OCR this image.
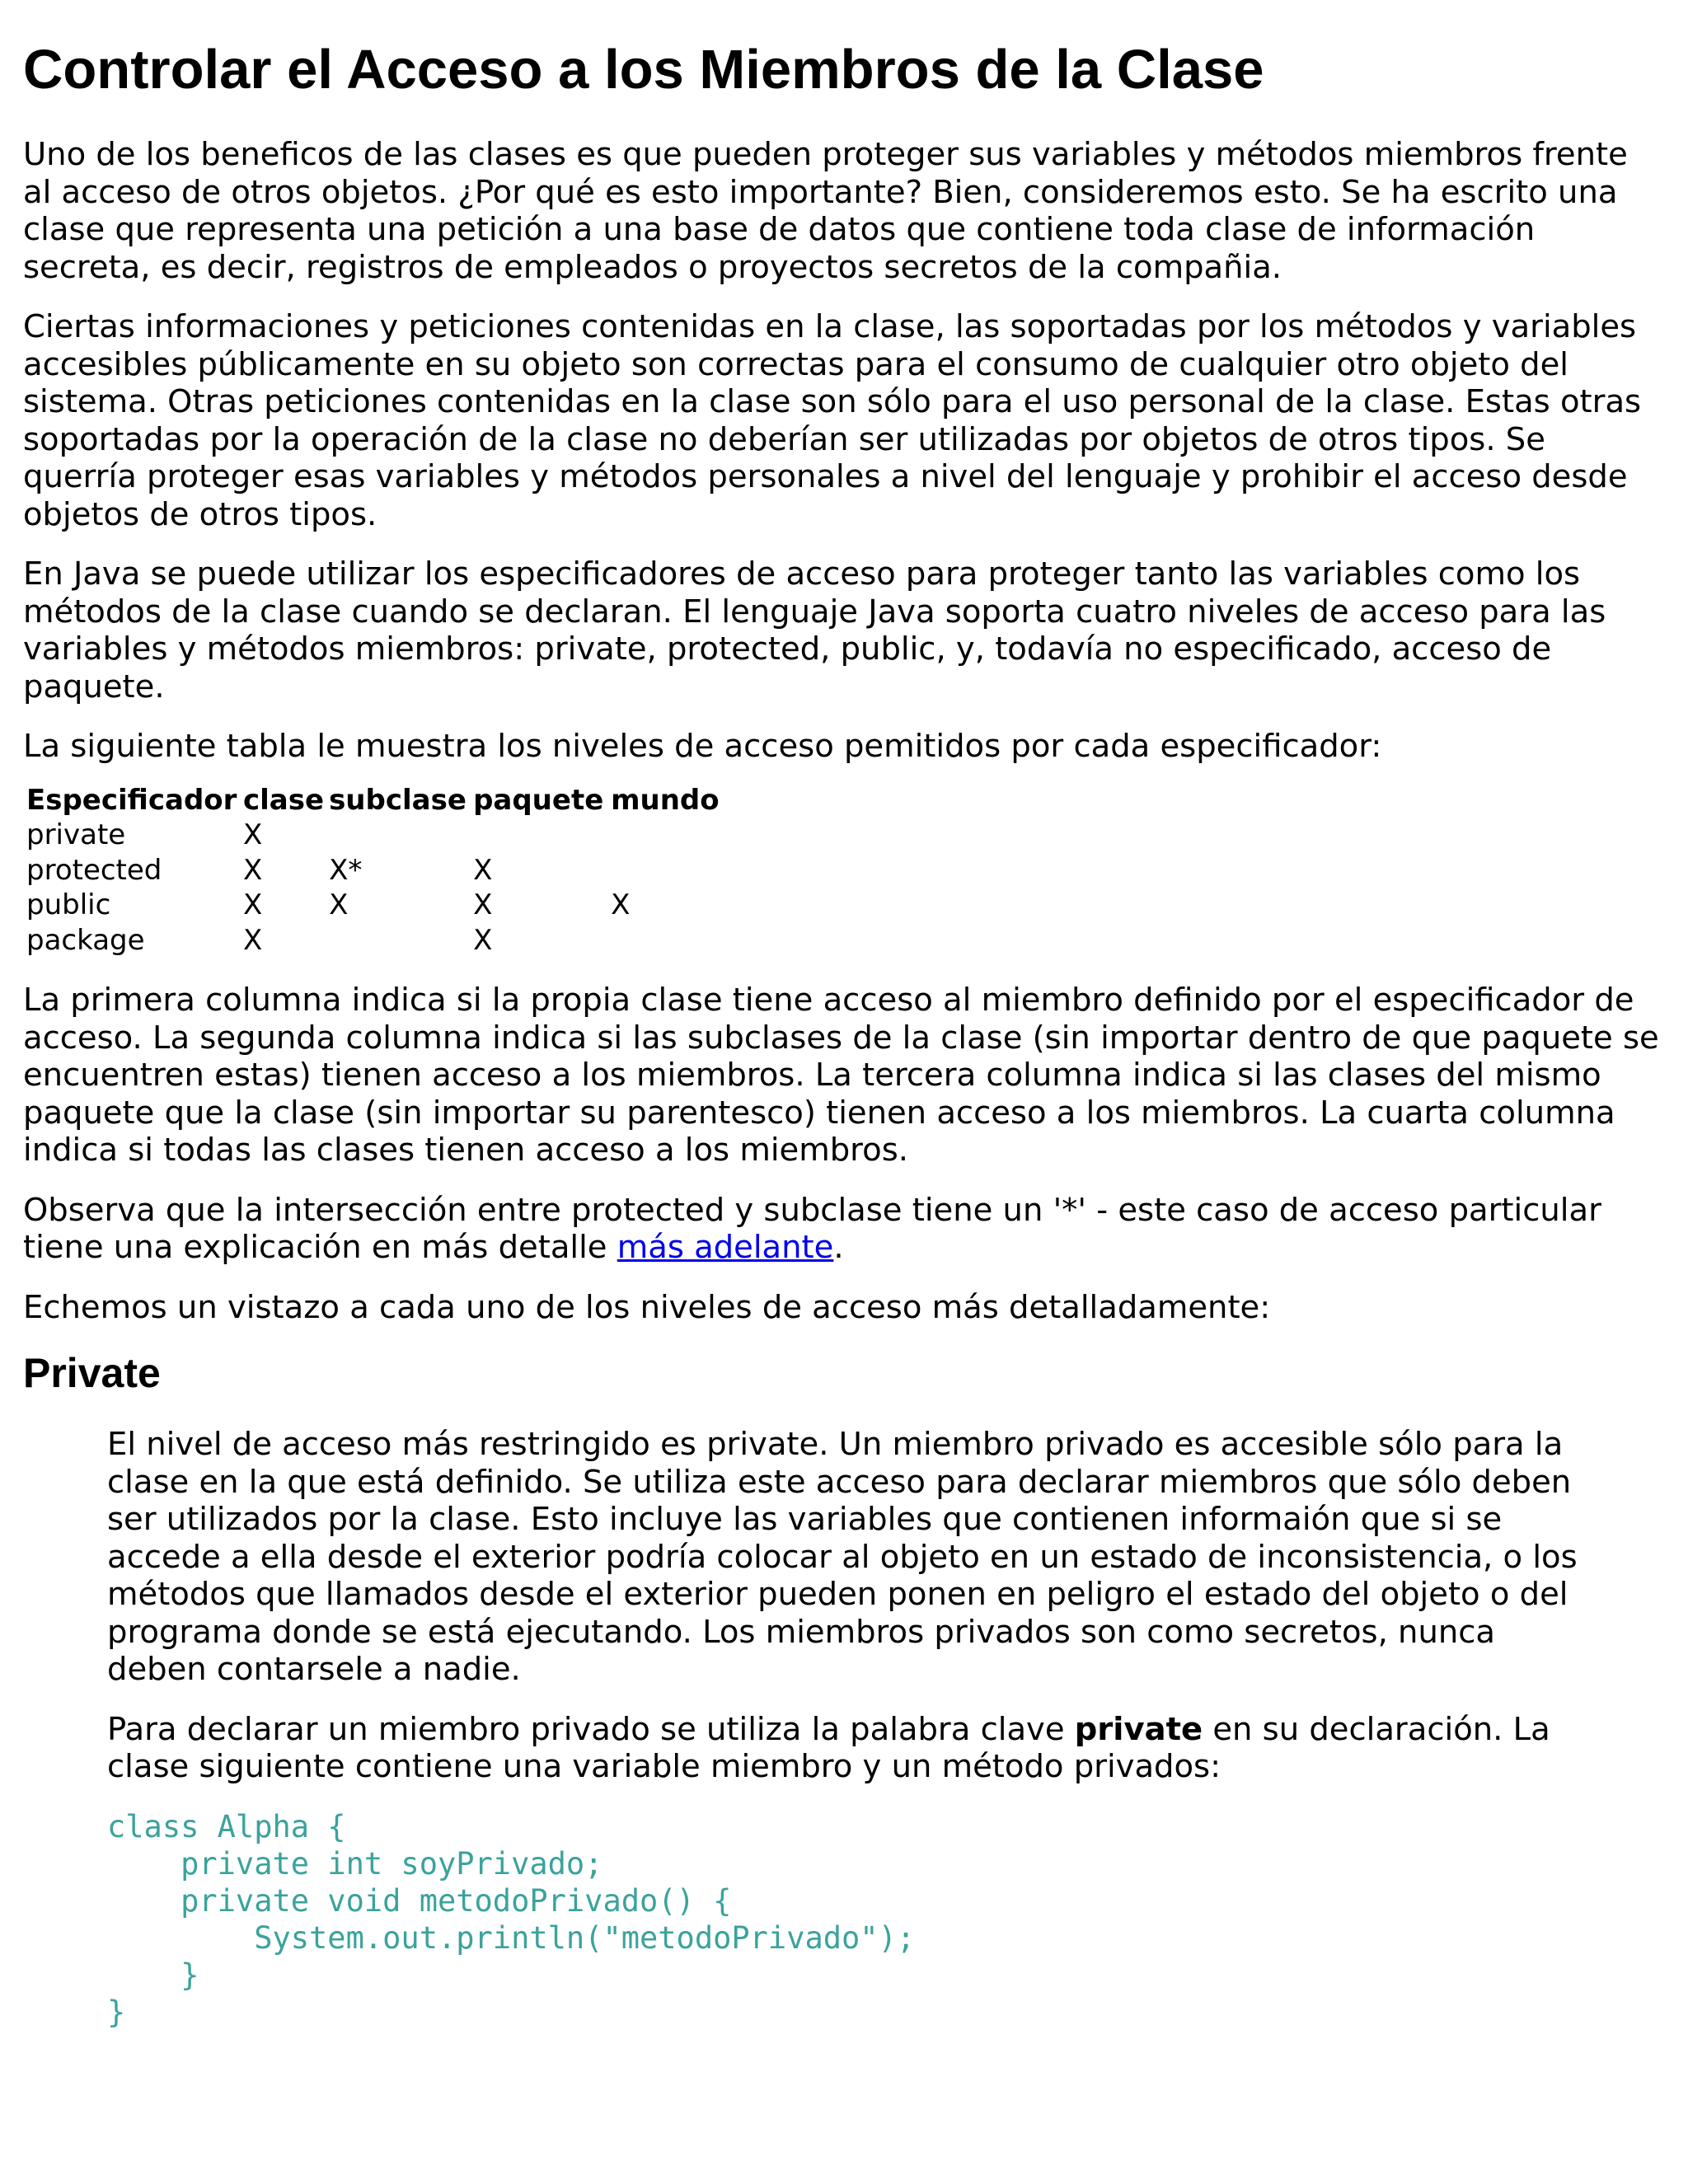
Controlar el Acceso a los Miembros de la Clase

Uno de los beneficos de las clases es que pueden proteger sus variables y métodos miembros frente al acceso de otros objetos. ¿Por qué es esto importante? Bien, consideremos esto. Se ha escrito una clase que representa una petición a una base de datos que contiene toda clase de información secreta, es decir, registros de empleados o proyectos secretos de la compañia.

Ciertas informaciones y peticiones contenidas en la clase, las soportadas por los métodos y variables accesibles públicamente en su objeto son correctas para el consumo de cualquier otro objeto del sistema. Otras peticiones contenidas en la clase son sólo para el uso personal de la clase. Estas otras soportadas por la operación de la clase no deberían ser utilizadas por objetos de otros tipos. Se querría proteger esas variables y métodos personales a nivel del lenguaje y prohibir el acceso desde objetos de otros tipos.

En Java se puede utilizar los especificadores de acceso para proteger tanto las variables como los métodos de la clase cuando se declaran. El lenguaje Java soporta cuatro niveles de acceso para las variables y métodos miembros: private, protected, public, y, todavía no especificado, acceso de paquete.

La siguiente tabla le muestra los niveles de acceso pemitidos por cada especificador:

Especificador	clase	subclase	paquete	mundo
private	X			
protected	X	X*	X	
public	X	X	X	X
package	X		X	

La primera columna indica si la propia clase tiene acceso al miembro definido por el especificador de acceso. La segunda columna indica si las subclases de la clase (sin importar dentro de que paquete se encuentren estas) tienen acceso a los miembros. La tercera columna indica si las clases del mismo paquete que la clase (sin importar su parentesco) tienen acceso a los miembros. La cuarta columna indica si todas las clases tienen acceso a los miembros.

Observa que la intersección entre protected y subclase tiene un '*' - este caso de acceso particular tiene una explicación en más detalle más adelante.

Echemos un vistazo a cada uno de los niveles de acceso más detalladamente:

Private

El nivel de acceso más restringido es private. Un miembro privado es accesible sólo para la clase en la que está definido. Se utiliza este acceso para declarar miembros que sólo deben ser utilizados por la clase. Esto incluye las variables que contienen informaión que si se accede a ella desde el exterior podría colocar al objeto en un estado de inconsistencia, o los métodos que llamados desde el exterior pueden ponen en peligro el estado del objeto o del programa donde se está ejecutando. Los miembros privados son como secretos, nunca deben contarsele a nadie.

Para declarar un miembro privado se utiliza la palabra clave private en su declaración. La clase siguiente contiene una variable miembro y un método privados:

class Alpha {
private int soyPrivado;
private void metodoPrivado() {
System.out.println("metodoPrivado");
}
}
